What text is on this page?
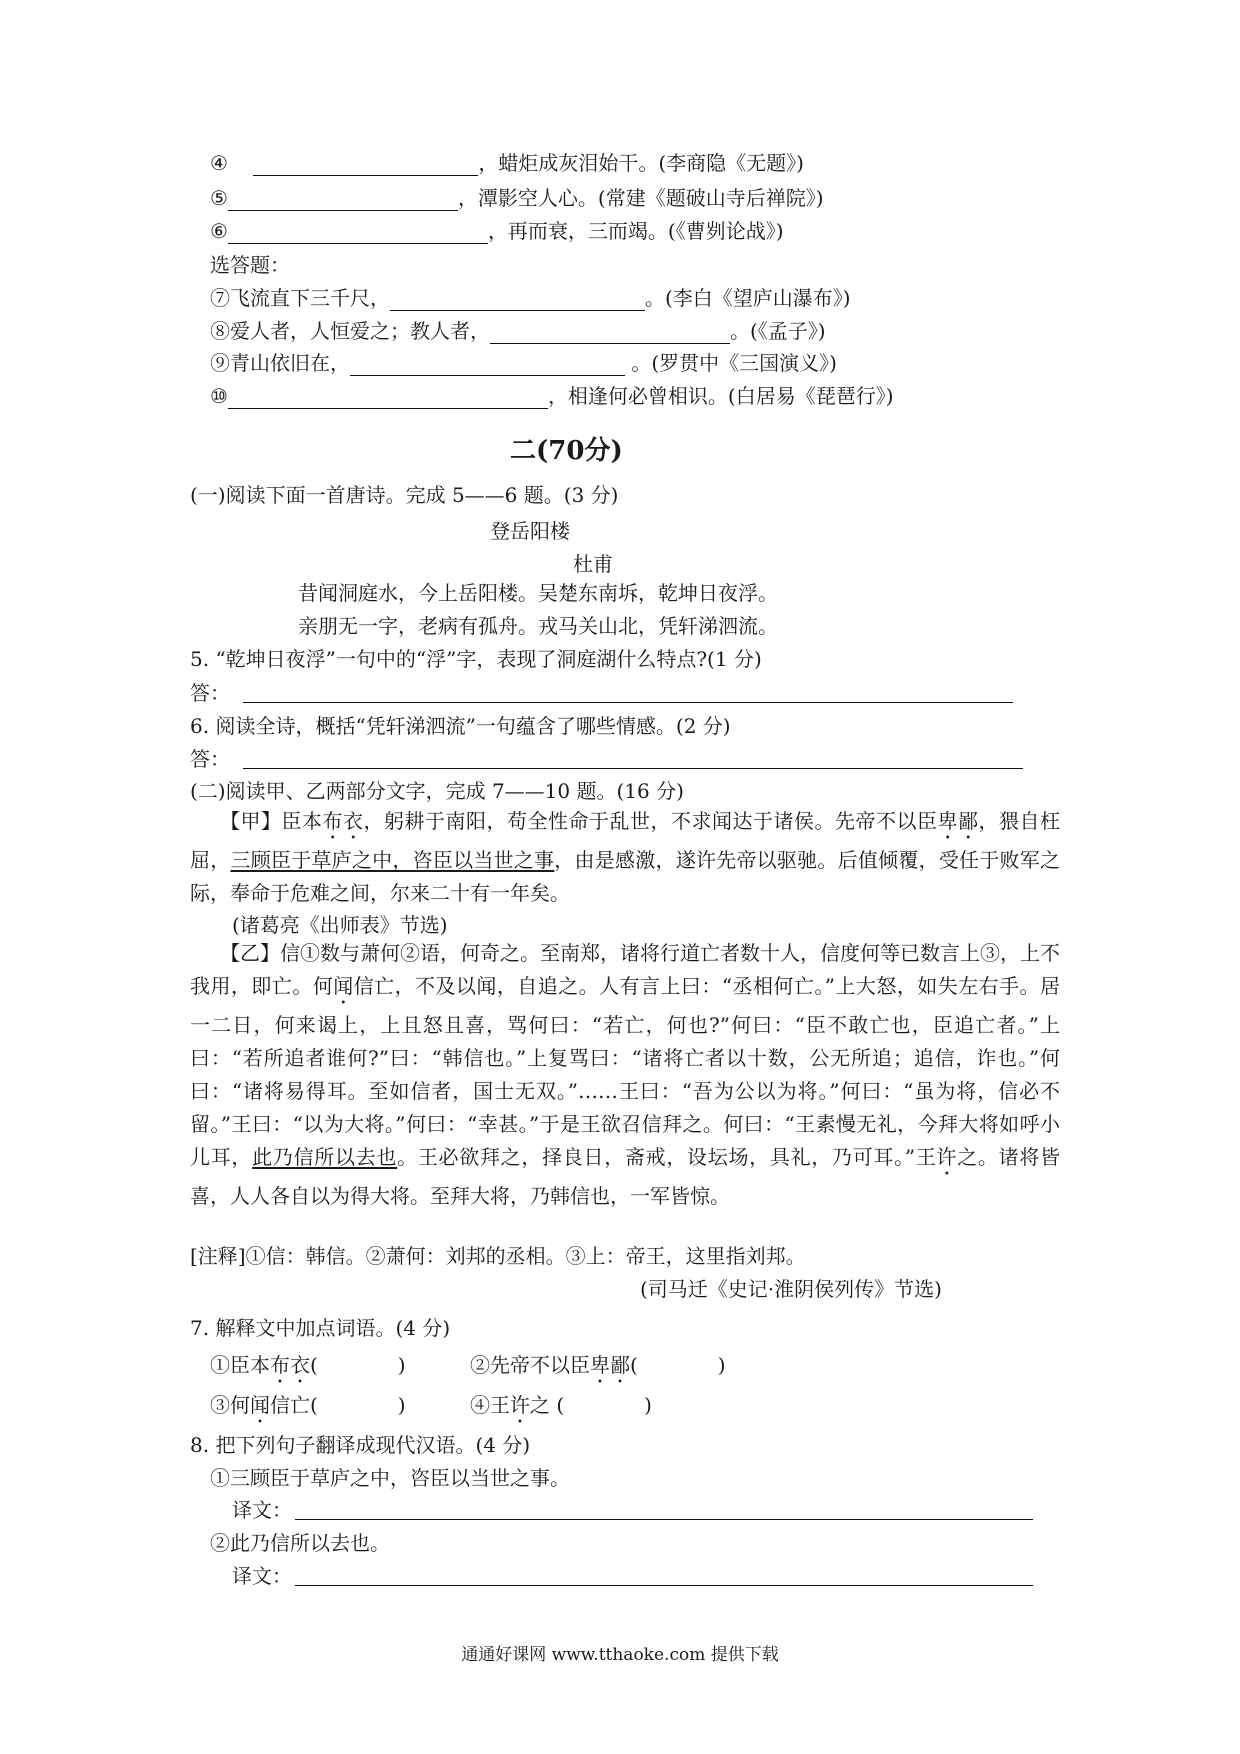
④	，蜡炬成灰泪始干。(李商隐《无题》)
⑤	，潭影空人心。(常建《题破山寺后禅院》)
⑥	，再而衰，三而竭。(《曹刿论战》)
选答题：
⑦飞流直下三千尺，	。(李白《望庐山瀑布》)
⑧爱人者，人恒爱之；教人者，	。(《孟子》)
⑨青山依旧在，	。(罗贯中《三国演义》)
⑩	，相逢何必曾相识。(白居易《琵琶行》)
二(70分)
(一)阅读下面一首唐诗。完成 5——6 题。(3 分)
登岳阳楼
杜甫
昔闻洞庭水，今上岳阳楼。吴楚东南坼，乾坤日夜浮。
亲朋无一字，老病有孤舟。戎马关山北，凭轩涕泗流。
5. “乾坤日夜浮”一句中的“浮”字，表现了洞庭湖什么特点?(1 分)
答：
6. 阅读全诗，概括“凭轩涕泗流”一句蕴含了哪些情感。(2 分)
答：
(二)阅读甲、乙两部分文字，完成 7——10 题。(16 分)
【甲】臣本布衣，躬耕于南阳，苟全性命于乱世，不求闻达于诸侯。先帝不以臣卑鄙，猥自枉屈，三顾臣于草庐之中，咨臣以当世之事，由是感激，遂许先帝以驱驰。后值倾覆，受任于败军之际，奉命于危难之间，尔来二十有一年矣。
(诸葛亮《出师表》节选)
【乙】信①数与萧何②语，何奇之。至南郑，诸将行道亡者数十人，信度何等已数言上③，上不我用，即亡。何闻信亡，不及以闻，自追之。人有言上曰：“丞相何亡。”上大怒，如失左右手。居一二日，何来谒上，上且怒且喜，骂何曰：“若亡，何也?”何曰：“臣不敢亡也，臣追亡者。”上曰：“若所追者谁何?”曰：“韩信也。”上复骂曰：“诸将亡者以十数，公无所追；追信，诈也。”何曰：“诸将易得耳。至如信者，国士无双。”……王曰：“吾为公以为将。”何曰：“虽为将，信必不留。”王曰：“以为大将。”何曰：“幸甚。”于是王欲召信拜之。何曰：“王素慢无礼，今拜大将如呼小儿耳，此乃信所以去也。王必欲拜之，择良日，斋戒，设坛场，具礼，乃可耳。”王许之。诸将皆喜，人人各自以为得大将。至拜大将，乃韩信也，一军皆惊。
[注释]①信：韩信。②萧何：刘邦的丞相。③上：帝王，这里指刘邦。
(司马迁《史记·淮阴侯列传》节选)
7. 解释文中加点词语。(4 分)
①臣本布衣(　　　　)	②先帝不以臣卑鄙(　　　　)
③何闻信亡(　　　　)	④王许之 (　　　　)
8. 把下列句子翻译成现代汉语。(4 分)
①三顾臣于草庐之中，咨臣以当世之事。
译文：
②此乃信所以去也。
译文：
通通好课网 www.tthaoke.com 提供下载
